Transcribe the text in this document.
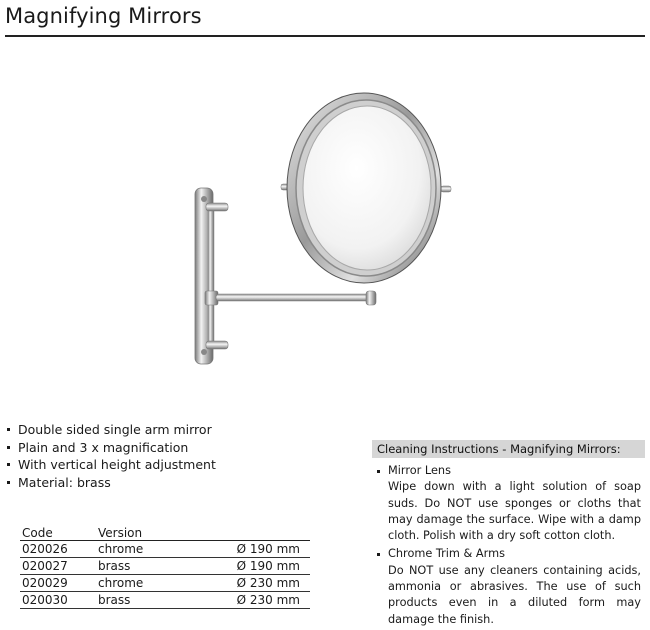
Magnifying Mirrors
Double sided single arm mirror
Plain and 3 x magnification
With vertical height adjustment
Material: brass
Code	Version	
020026	chrome	Ø 190 mm
020027	brass	Ø 190 mm
020029	chrome	Ø 230 mm
020030	brass	Ø 230 mm
Cleaning Instructions - Magnifying Mirrors:
Mirror Lens
Wipe down with a light solution of soap suds. Do NOT use sponges or cloths that may damage the surface. Wipe with a damp cloth. Polish with a dry soft cotton cloth.
Chrome Trim & Arms
Do NOT use any cleaners containing acids, ammonia or abrasives. The use of such products even in a diluted form may damage the finish.
